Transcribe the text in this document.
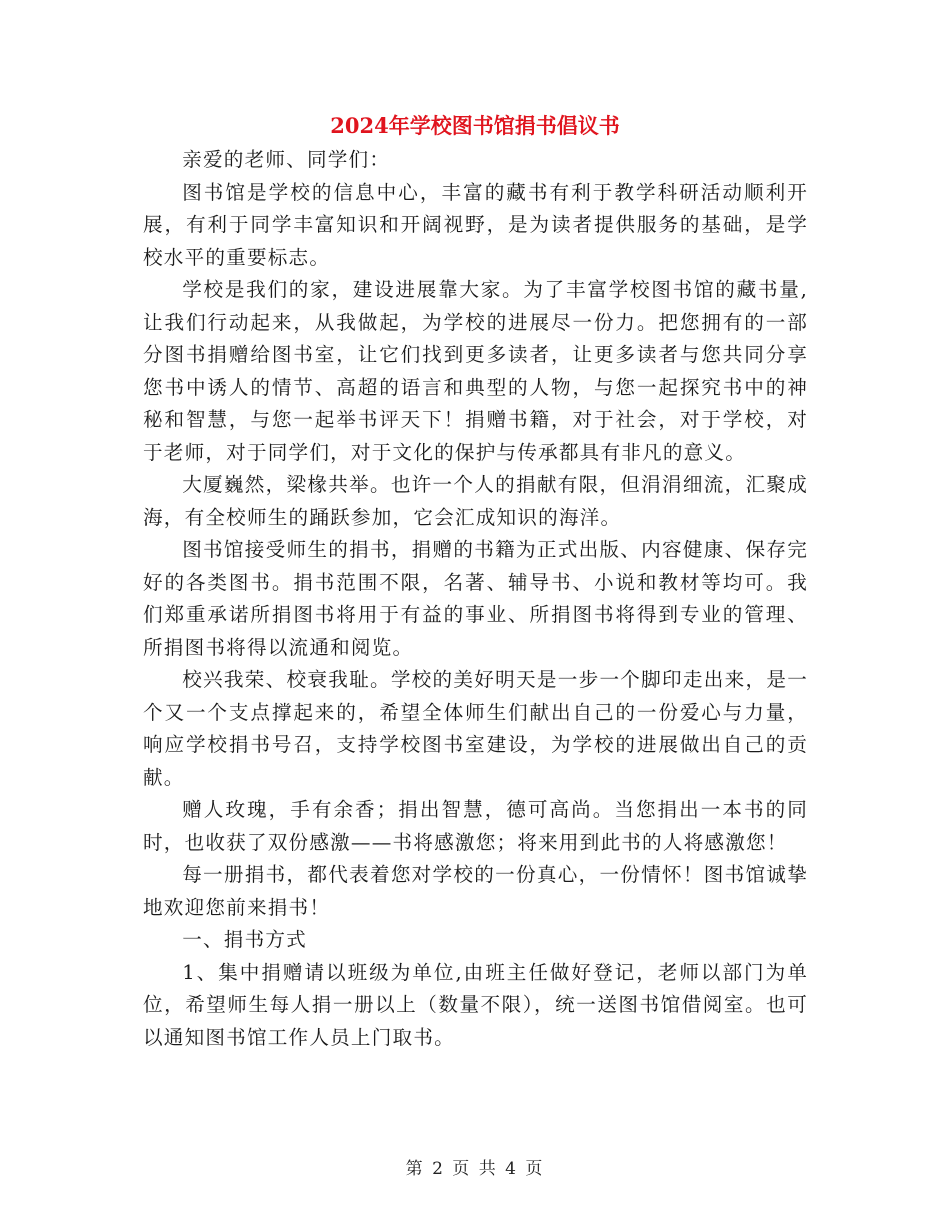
2024年学校图书馆捐书倡议书

亲爱的老师、同学们：

图书馆是学校的信息中心，丰富的藏书有利于教学科研活动顺利开展，有利于同学丰富知识和开阔视野，是为读者提供服务的基础，是学校水平的重要标志。

学校是我们的家，建设进展靠大家。为了丰富学校图书馆的藏书量,让我们行动起来，从我做起，为学校的进展尽一份力。把您拥有的一部分图书捐赠给图书室，让它们找到更多读者，让更多读者与您共同分享您书中诱人的情节、高超的语言和典型的人物，与您一起探究书中的神秘和智慧，与您一起举书评天下！捐赠书籍，对于社会，对于学校，对于老师，对于同学们，对于文化的保护与传承都具有非凡的意义。

大厦巍然，梁椽共举。也许一个人的捐献有限，但涓涓细流，汇聚成海，有全校师生的踊跃参加，它会汇成知识的海洋。

图书馆接受师生的捐书，捐赠的书籍为正式出版、内容健康、保存完好的各类图书。捐书范围不限，名著、辅导书、小说和教材等均可。我们郑重承诺所捐图书将用于有益的事业、所捐图书将得到专业的管理、所捐图书将得以流通和阅览。

校兴我荣、校衰我耻。学校的美好明天是一步一个脚印走出来，是一个又一个支点撑起来的，希望全体师生们献出自己的一份爱心与力量，响应学校捐书号召，支持学校图书室建设，为学校的进展做出自己的贡献。

赠人玫瑰，手有余香；捐出智慧，德可高尚。当您捐出一本书的同时，也收获了双份感激——书将感激您；将来用到此书的人将感激您！

每一册捐书，都代表着您对学校的一份真心，一份情怀！图书馆诚挚地欢迎您前来捐书！

一、捐书方式

1、集中捐赠请以班级为单位,由班主任做好登记，老师以部门为单位，希望师生每人捐一册以上（数量不限），统一送图书馆借阅室。也可以通知图书馆工作人员上门取书。

第 2 页 共 4 页
